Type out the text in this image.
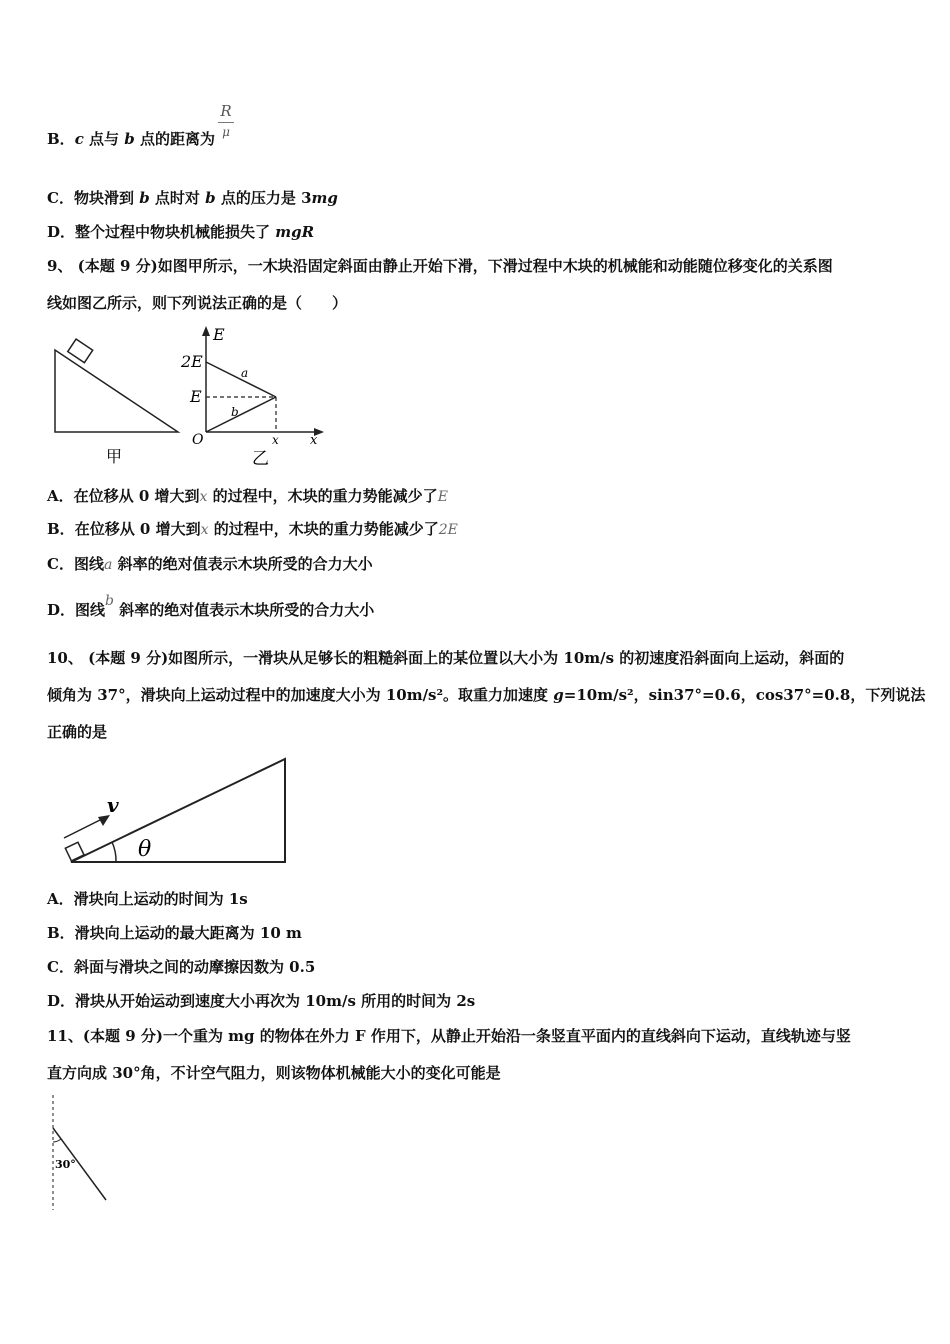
B．c 点与 b 点的距离为
R
μ
C．物块滑到 b 点时对 b 点的压力是 3mg
D．整个过程中物块机械能损失了 mgR
9、 (本题 9 分)如图甲所示，一木块沿固定斜面由静止开始下滑，下滑过程中木块的机械能和动能随位移变化的关系图
线如图乙所示，则下列说法正确的是（　　）
甲
E
x
2E
E
O	x
a
b
乙
A．在位移从 0 增大到x 的过程中，木块的重力势能减少了E
B．在位移从 0 增大到x 的过程中，木块的重力势能减少了2E
C．图线a 斜率的绝对值表示木块所受的合力大小
D．图线b 斜率的绝对值表示木块所受的合力大小
10、 (本题 9 分)如图所示，一滑块从足够长的粗糙斜面上的某位置以大小为 10m/s 的初速度沿斜面向上运动，斜面的
倾角为 37°，滑块向上运动过程中的加速度大小为 10m/s²。取重力加速度 g=10m/s²，sin37°=0.6，cos37°=0.8，下列说法
正确的是
v
θ
A．滑块向上运动的时间为 1s
B．滑块向上运动的最大距离为 10 m
C．斜面与滑块之间的动摩擦因数为 0.5
D．滑块从开始运动到速度大小再次为 10m/s 所用的时间为 2s
11、(本题 9 分)一个重为 mg 的物体在外力 F 作用下，从静止开始沿一条竖直平面内的直线斜向下运动，直线轨迹与竖
直方向成 30°角，不计空气阻力，则该物体机械能大小的变化可能是
30°
